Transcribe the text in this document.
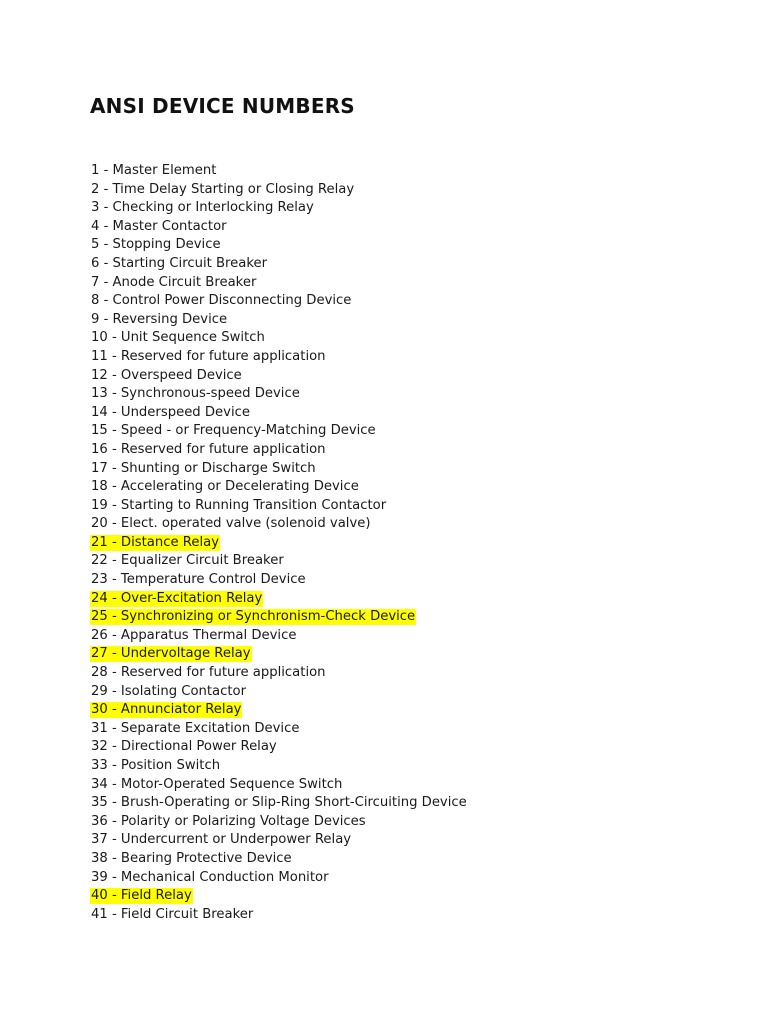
ANSI DEVICE NUMBERS
1 - Master Element
2 - Time Delay Starting or Closing Relay
3 - Checking or Interlocking Relay
4 - Master Contactor
5 - Stopping Device
6 - Starting Circuit Breaker
7 - Anode Circuit Breaker
8 - Control Power Disconnecting Device
9 - Reversing Device
10 - Unit Sequence Switch
11 - Reserved for future application
12 - Overspeed Device
13 - Synchronous-speed Device
14 - Underspeed Device
15 - Speed - or Frequency-Matching Device
16 - Reserved for future application
17 - Shunting or Discharge Switch
18 - Accelerating or Decelerating Device
19 - Starting to Running Transition Contactor
20 - Elect. operated valve (solenoid valve)
21 - Distance Relay
22 - Equalizer Circuit Breaker
23 - Temperature Control Device
24 - Over-Excitation Relay
25 - Synchronizing or Synchronism-Check Device
26 - Apparatus Thermal Device
27 - Undervoltage Relay
28 - Reserved for future application
29 - Isolating Contactor
30 - Annunciator Relay
31 - Separate Excitation Device
32 - Directional Power Relay
33 - Position Switch
34 - Motor-Operated Sequence Switch
35 - Brush-Operating or Slip-Ring Short-Circuiting Device
36 - Polarity or Polarizing Voltage Devices
37 - Undercurrent or Underpower Relay
38 - Bearing Protective Device
39 - Mechanical Conduction Monitor
40 - Field Relay
41 - Field Circuit Breaker
